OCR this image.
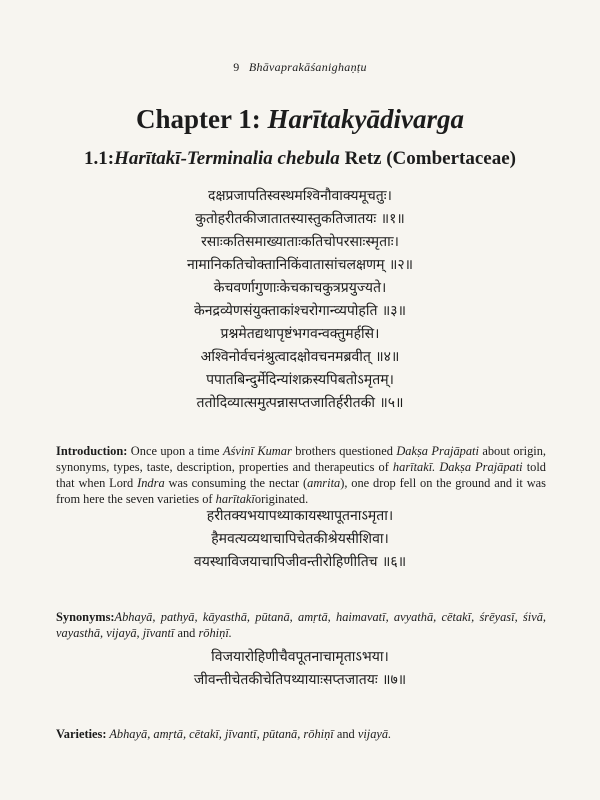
9 Bhāvaprakāśanighaṇṭu
Chapter 1: Harītakyādivarga
1.1:Harītakī-Terminalia chebula Retz (Combertaceae)
दक्षप्रजापतिस्वस्थमश्विनौवाक्यमूचतुः।
कुतोहरीतकीजातातस्यास्तुकतिजातयः ॥१॥
रसाःकतिसमाख्याताःकतिचोपरसाःस्मृताः।
नामानिकतिचोक्तानिकिंवातासांचलक्षणम् ॥२॥
केचवर्णागुणाःकेचकाचकुत्रप्रयुज्यते।
केनद्रव्येणसंयुक्ताकांश्चरोगान्व्यपोहति ॥३॥
प्रश्नमेतद्यथापृष्टंभगवन्वक्तुमर्हसि।
अश्विनोर्वचनंश्रुत्वादक्षोवचनमब्रवीत् ॥४॥
पपातबिन्दुर्मेदिन्यांशक्रस्यपिबतोऽमृतम्।
ततोदिव्यात्समुत्पन्नासप्तजातिर्हरीतकी ॥५॥

Introduction: Once upon a time Aśvinī Kumar brothers questioned Dakṣa Prajāpati about origin, synonyms, types, taste, description, properties and therapeutics of harītakī. Dakṣa Prajāpati told that when Lord Indra was consuming the nectar (amrita), one drop fell on the ground and it was from here the seven varieties of harītakīoriginated.

हरीतक्यभयापथ्याकायस्थापूतनाऽमृता।
हैमवत्यव्यथाचापिचेतकीश्रेयसीशिवा।
वयस्थाविजयाचापिजीवन्तीरोहिणीतिच ॥६॥

Synonyms:Abhayā, pathyā, kāyasthā, pūtanā, amṛtā, haimavatī, avyathā, cētakī, śrēyasī, śivā, vayasthā, vijayā, jīvantī and rōhiṇī.

विजयारोहिणीचैवपूतनाचामृताऽभया।
जीवन्तीचेतकीचेतिपथ्यायाःसप्तजातयः ॥७॥

Varieties: Abhayā, amṛtā, cētakī, jīvantī, pūtanā, rōhiṇī and vijayā.
